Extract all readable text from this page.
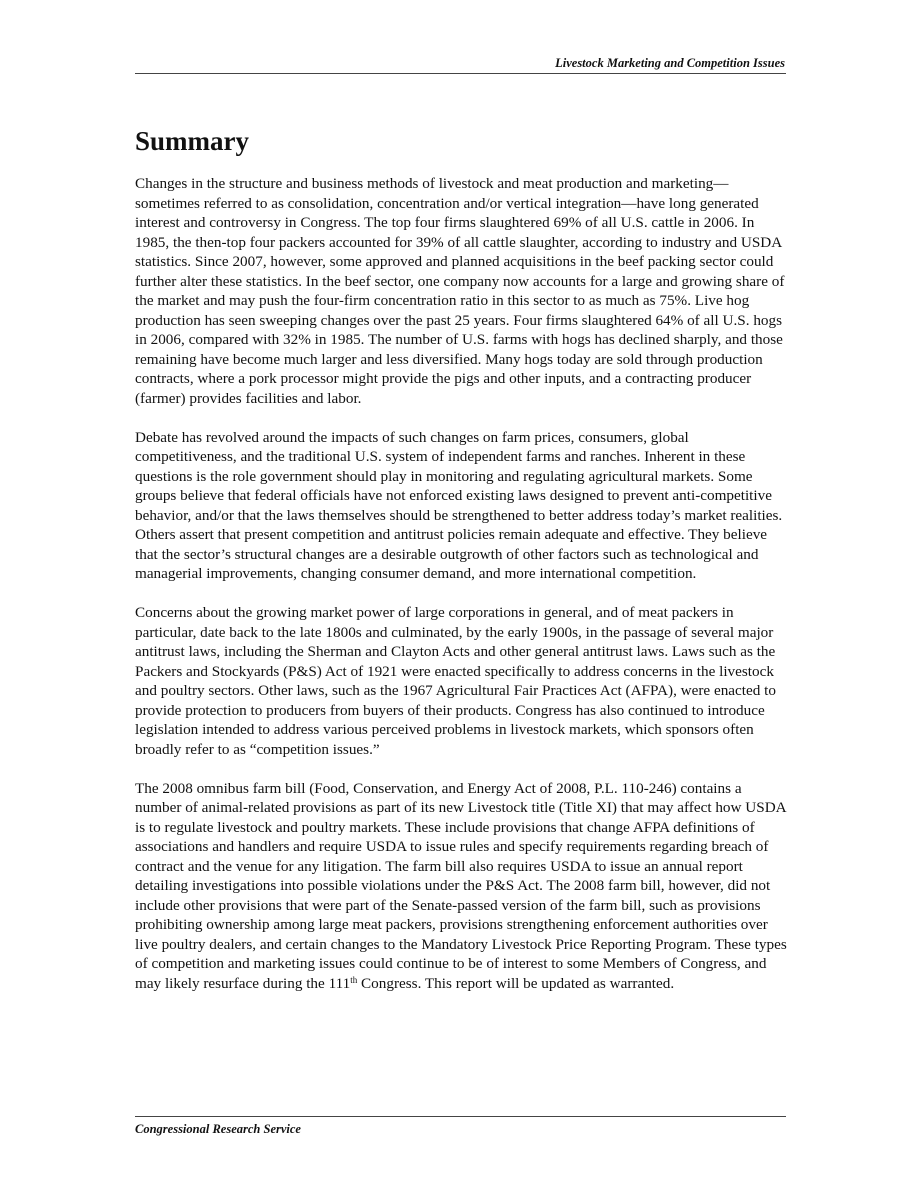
Livestock Marketing and Competition Issues
Summary

Changes in the structure and business methods of livestock and meat production and marketing—sometimes referred to as consolidation, concentration and/or vertical integration—have long generated interest and controversy in Congress. The top four firms slaughtered 69% of all U.S. cattle in 2006. In 1985, the then-top four packers accounted for 39% of all cattle slaughter, according to industry and USDA statistics. Since 2007, however, some approved and planned acquisitions in the beef packing sector could further alter these statistics. In the beef sector, one company now accounts for a large and growing share of the market and may push the four-firm concentration ratio in this sector to as much as 75%. Live hog production has seen sweeping changes over the past 25 years. Four firms slaughtered 64% of all U.S. hogs in 2006, compared with 32% in 1985. The number of U.S. farms with hogs has declined sharply, and those remaining have become much larger and less diversified. Many hogs today are sold through production contracts, where a pork processor might provide the pigs and other inputs, and a contracting producer (farmer) provides facilities and labor.

Debate has revolved around the impacts of such changes on farm prices, consumers, global competitiveness, and the traditional U.S. system of independent farms and ranches. Inherent in these questions is the role government should play in monitoring and regulating agricultural markets. Some groups believe that federal officials have not enforced existing laws designed to prevent anti-competitive behavior, and/or that the laws themselves should be strengthened to better address today’s market realities. Others assert that present competition and antitrust policies remain adequate and effective. They believe that the sector’s structural changes are a desirable outgrowth of other factors such as technological and managerial improvements, changing consumer demand, and more international competition.

Concerns about the growing market power of large corporations in general, and of meat packers in particular, date back to the late 1800s and culminated, by the early 1900s, in the passage of several major antitrust laws, including the Sherman and Clayton Acts and other general antitrust laws. Laws such as the Packers and Stockyards (P&S) Act of 1921 were enacted specifically to address concerns in the livestock and poultry sectors. Other laws, such as the 1967 Agricultural Fair Practices Act (AFPA), were enacted to provide protection to producers from buyers of their products. Congress has also continued to introduce legislation intended to address various perceived problems in livestock markets, which sponsors often broadly refer to as “competition issues.”

The 2008 omnibus farm bill (Food, Conservation, and Energy Act of 2008, P.L. 110-246) contains a number of animal-related provisions as part of its new Livestock title (Title XI) that may affect how USDA is to regulate livestock and poultry markets. These include provisions that change AFPA definitions of associations and handlers and require USDA to issue rules and specify requirements regarding breach of contract and the venue for any litigation. The farm bill also requires USDA to issue an annual report detailing investigations into possible violations under the P&S Act. The 2008 farm bill, however, did not include other provisions that were part of the Senate-passed version of the farm bill, such as provisions prohibiting ownership among large meat packers, provisions strengthening enforcement authorities over live poultry dealers, and certain changes to the Mandatory Livestock Price Reporting Program. These types of competition and marketing issues could continue to be of interest to some Members of Congress, and may likely resurface during the 111th Congress. This report will be updated as warranted.

Congressional Research Service
